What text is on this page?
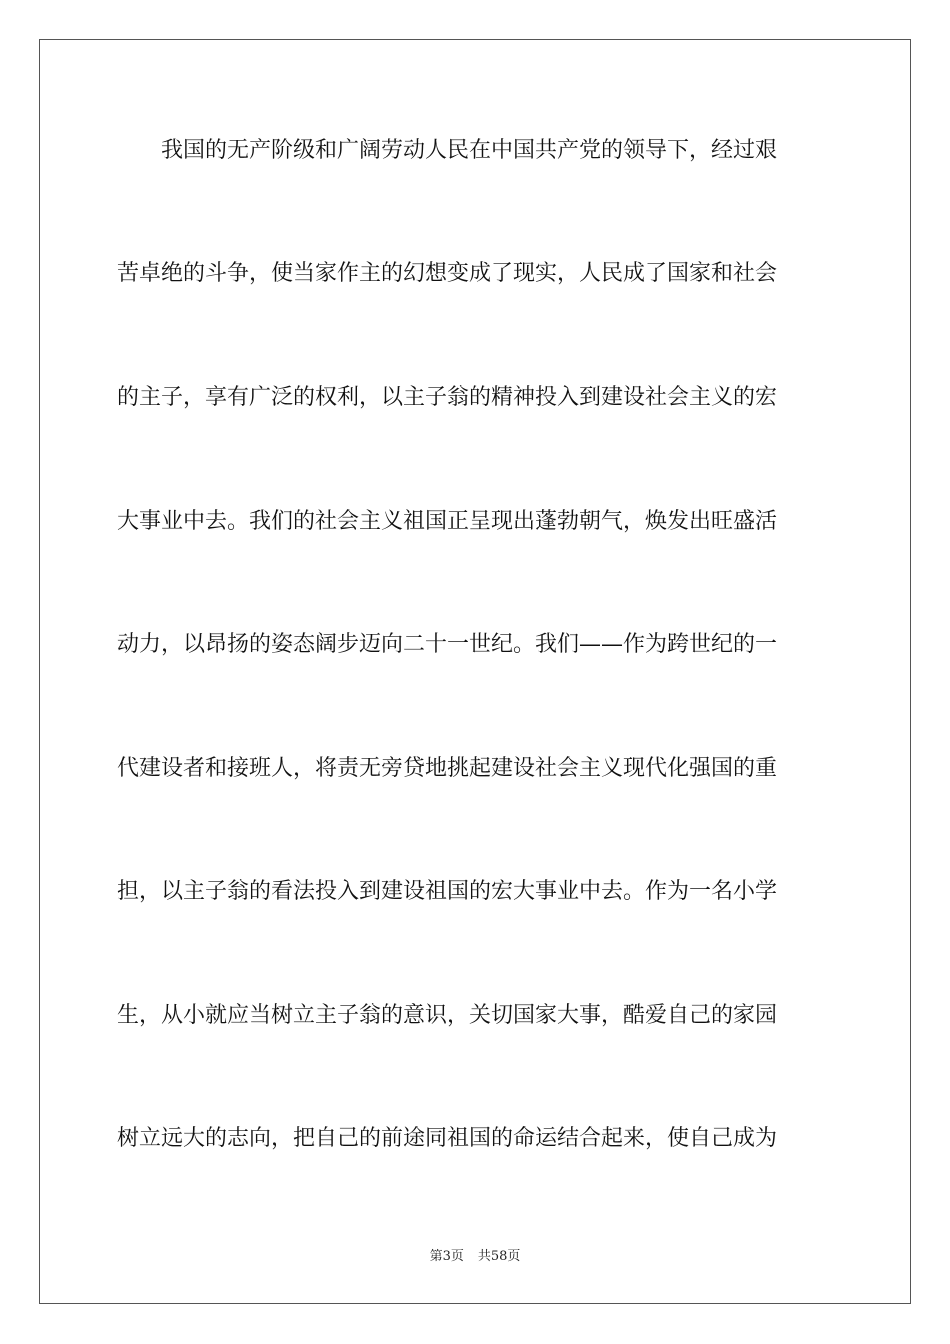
　　我国的无产阶级和广阔劳动人民在中国共产党的领导下，经过艰
苦卓绝的斗争，使当家作主的幻想变成了现实，人民成了国家和社会
的主子，享有广泛的权利，以主子翁的精神投入到建设社会主义的宏
大事业中去。我们的社会主义祖国正呈现出蓬勃朝气，焕发出旺盛活
动力，以昂扬的姿态阔步迈向二十一世纪。我们——作为跨世纪的一
代建设者和接班人，将责无旁贷地挑起建设社会主义现代化强国的重
担，以主子翁的看法投入到建设祖国的宏大事业中去。作为一名小学
生，从小就应当树立主子翁的意识，关切国家大事，酷爱自己的家园
树立远大的志向，把自己的前途同祖国的命运结合起来，使自己成为
第3页 共58页
